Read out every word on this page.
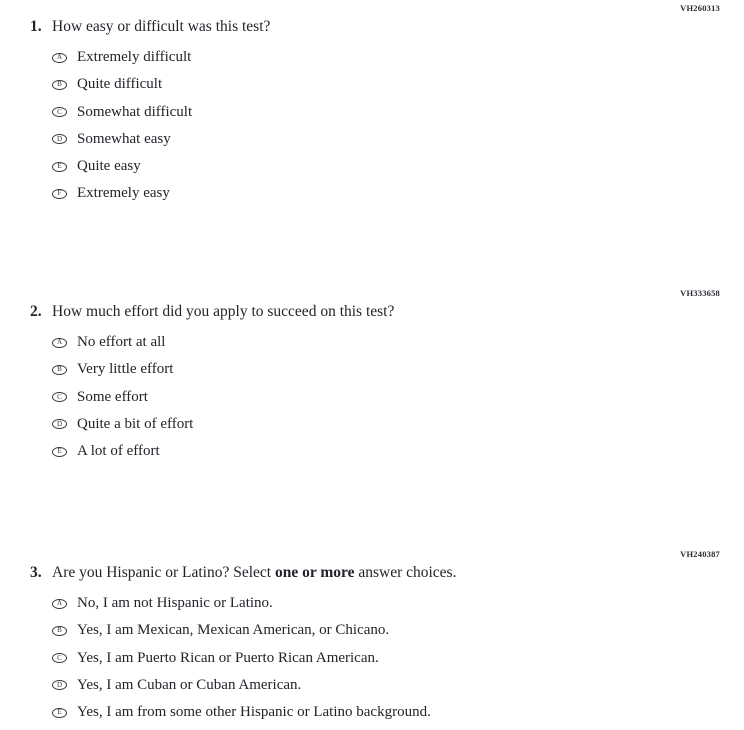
VH260313
1. How easy or difficult was this test?
A Extremely difficult
B	Quite difficult
C	Somewhat difficult
D Somewhat easy
E	Quite easy
F	Extremely easy
VH333658
2. How much effort did you apply to succeed on this test?
A No effort at all
B	Very little effort
C	Some effort
D Quite a bit of effort
E	A lot of effort
VH240387
3. Are you Hispanic or Latino? Select one or more answer choices.
A No, I am not Hispanic or Latino.
B	Yes, I am Mexican, Mexican American, or Chicano.
C	Yes, I am Puerto Rican or Puerto Rican American.
D Yes, I am Cuban or Cuban American.
E	Yes, I am from some other Hispanic or Latino background.
